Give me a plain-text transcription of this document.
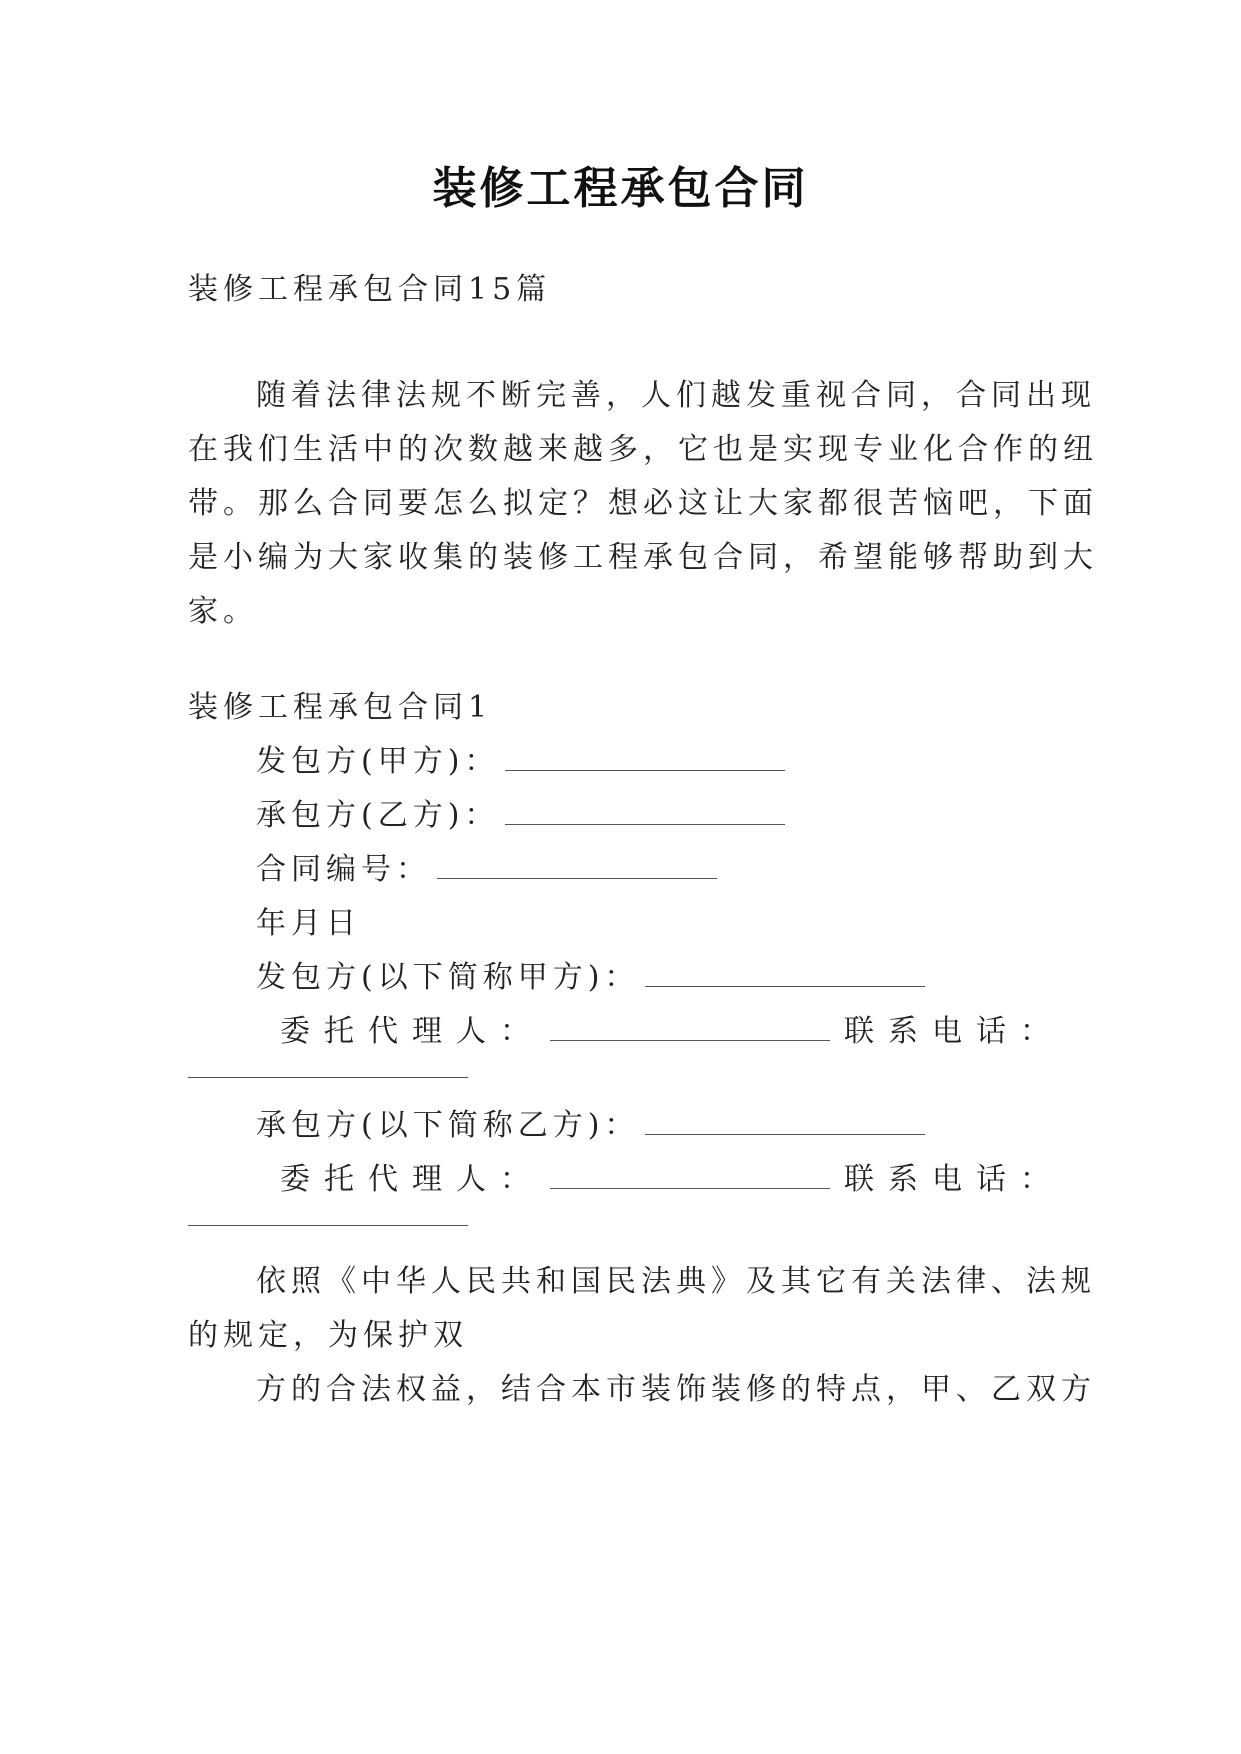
装修工程承包合同
装修工程承包合同15篇
随着法律法规不断完善，人们越发重视合同，合同出现
在我们生活中的次数越来越多，它也是实现专业化合作的纽
带。那么合同要怎么拟定？想必这让大家都很苦恼吧，下面
是小编为大家收集的装修工程承包合同，希望能够帮助到大
家。
装修工程承包合同1
发包方(甲方)：
承包方(乙方)：
合同编号：
年月日
发包方(以下简称甲方)：
委 托 代 理 人 ：	联 系 电 话 ：
承包方(以下简称乙方)：
委 托 代 理 人 ：	联 系 电 话 ：
依照《中华人民共和国民法典》及其它有关法律、法规
的规定，为保护双
方的合法权益，结合本市装饰装修的特点，甲、乙双方
